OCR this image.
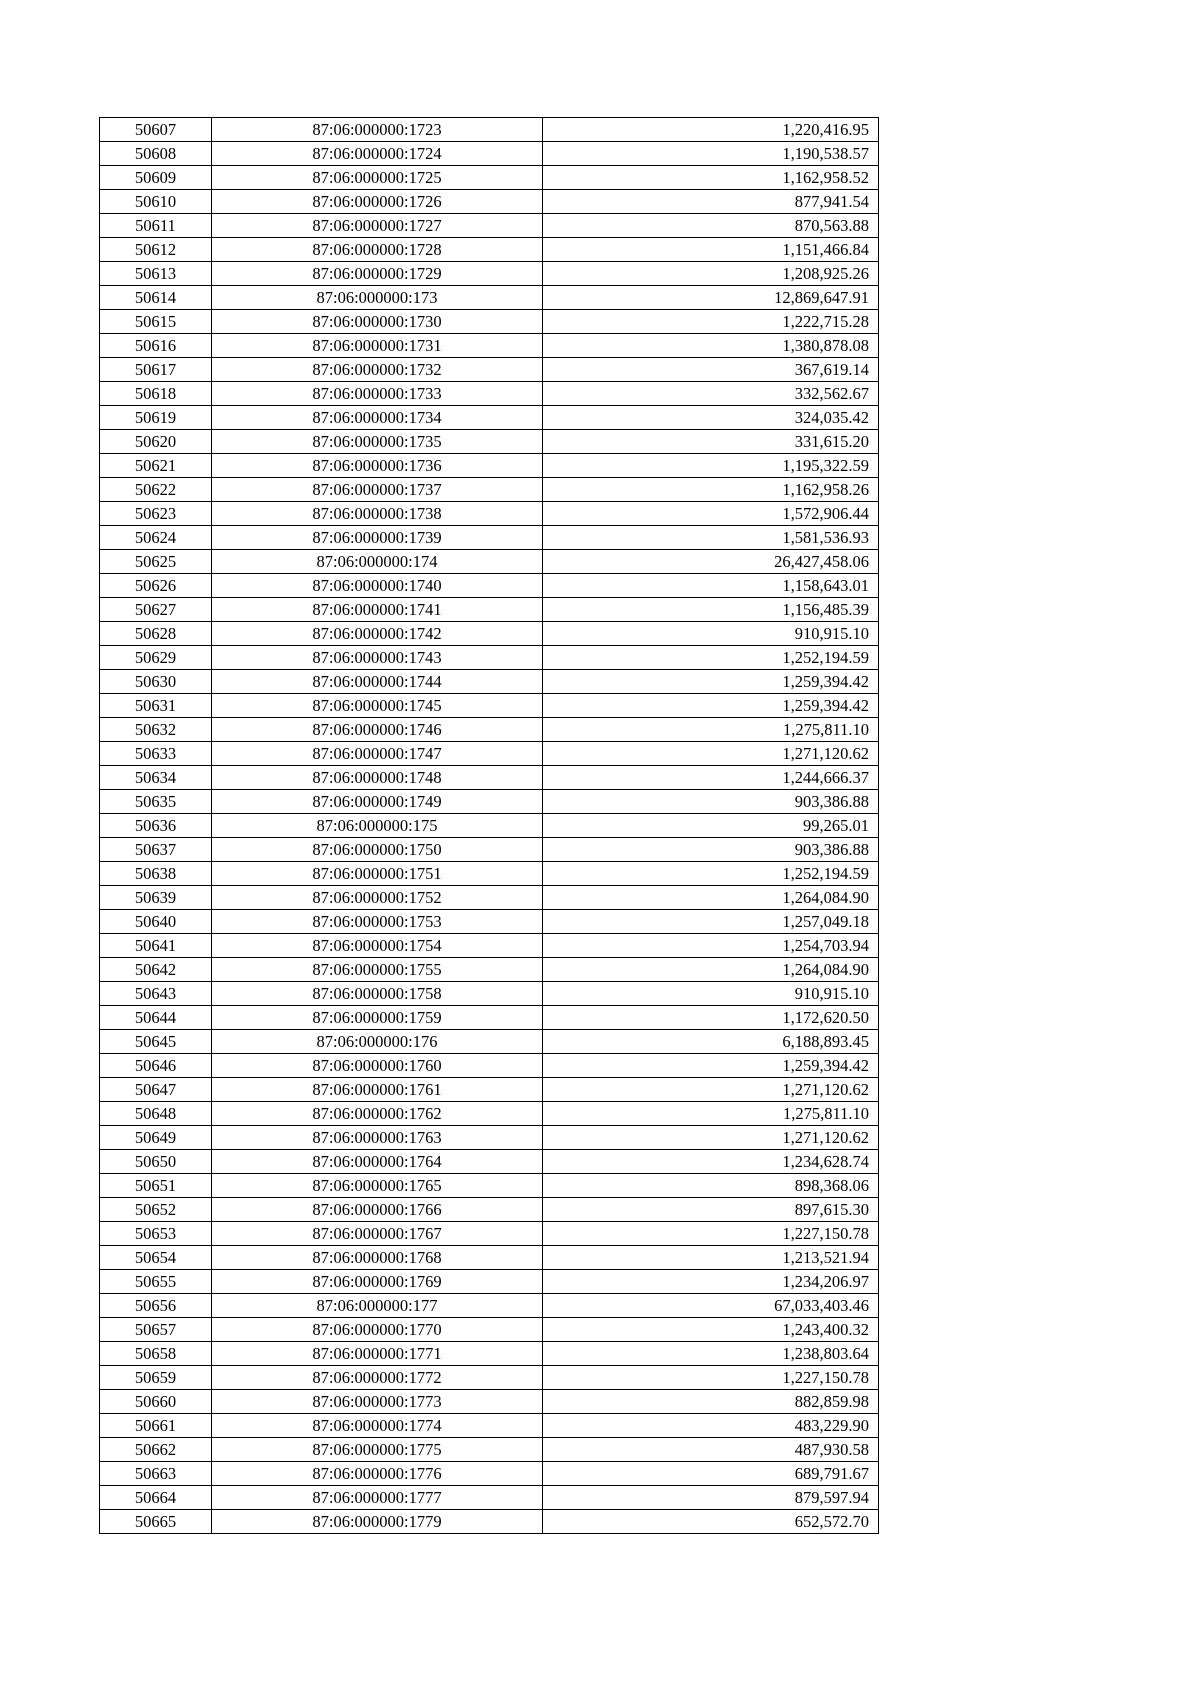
50607	87:06:000000:1723	1,220,416.95
50608	87:06:000000:1724	1,190,538.57
50609	87:06:000000:1725	1,162,958.52
50610	87:06:000000:1726	877,941.54
50611	87:06:000000:1727	870,563.88
50612	87:06:000000:1728	1,151,466.84
50613	87:06:000000:1729	1,208,925.26
50614	87:06:000000:173	12,869,647.91
50615	87:06:000000:1730	1,222,715.28
50616	87:06:000000:1731	1,380,878.08
50617	87:06:000000:1732	367,619.14
50618	87:06:000000:1733	332,562.67
50619	87:06:000000:1734	324,035.42
50620	87:06:000000:1735	331,615.20
50621	87:06:000000:1736	1,195,322.59
50622	87:06:000000:1737	1,162,958.26
50623	87:06:000000:1738	1,572,906.44
50624	87:06:000000:1739	1,581,536.93
50625	87:06:000000:174	26,427,458.06
50626	87:06:000000:1740	1,158,643.01
50627	87:06:000000:1741	1,156,485.39
50628	87:06:000000:1742	910,915.10
50629	87:06:000000:1743	1,252,194.59
50630	87:06:000000:1744	1,259,394.42
50631	87:06:000000:1745	1,259,394.42
50632	87:06:000000:1746	1,275,811.10
50633	87:06:000000:1747	1,271,120.62
50634	87:06:000000:1748	1,244,666.37
50635	87:06:000000:1749	903,386.88
50636	87:06:000000:175	99,265.01
50637	87:06:000000:1750	903,386.88
50638	87:06:000000:1751	1,252,194.59
50639	87:06:000000:1752	1,264,084.90
50640	87:06:000000:1753	1,257,049.18
50641	87:06:000000:1754	1,254,703.94
50642	87:06:000000:1755	1,264,084.90
50643	87:06:000000:1758	910,915.10
50644	87:06:000000:1759	1,172,620.50
50645	87:06:000000:176	6,188,893.45
50646	87:06:000000:1760	1,259,394.42
50647	87:06:000000:1761	1,271,120.62
50648	87:06:000000:1762	1,275,811.10
50649	87:06:000000:1763	1,271,120.62
50650	87:06:000000:1764	1,234,628.74
50651	87:06:000000:1765	898,368.06
50652	87:06:000000:1766	897,615.30
50653	87:06:000000:1767	1,227,150.78
50654	87:06:000000:1768	1,213,521.94
50655	87:06:000000:1769	1,234,206.97
50656	87:06:000000:177	67,033,403.46
50657	87:06:000000:1770	1,243,400.32
50658	87:06:000000:1771	1,238,803.64
50659	87:06:000000:1772	1,227,150.78
50660	87:06:000000:1773	882,859.98
50661	87:06:000000:1774	483,229.90
50662	87:06:000000:1775	487,930.58
50663	87:06:000000:1776	689,791.67
50664	87:06:000000:1777	879,597.94
50665	87:06:000000:1779	652,572.70
